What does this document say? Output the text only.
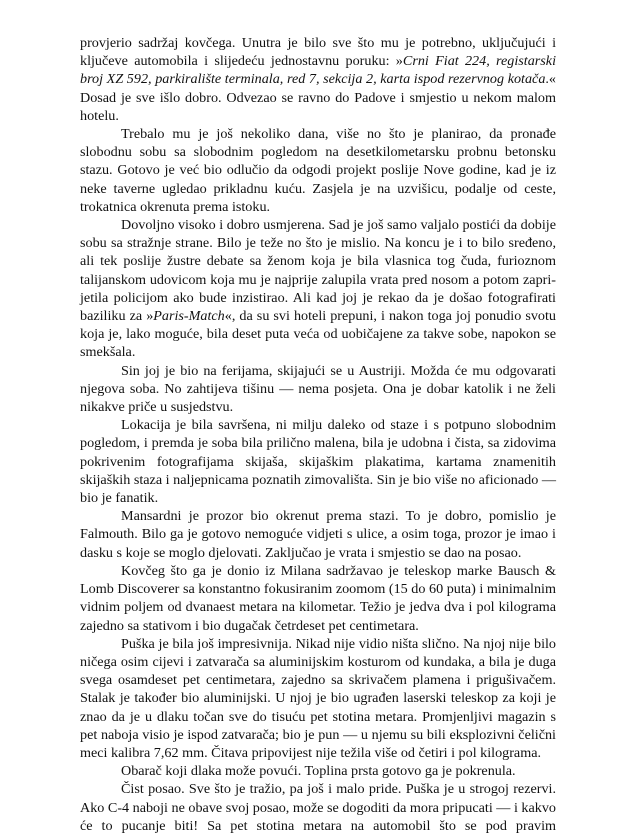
provjerio sadržaj kovčega. Unutra je bilo sve što mu je potrebno, uključujući i ključeve automobila i slijedeću jednostavnu poruku: »Crni Fiat 224, registarski broj XZ 592, parkiralište terminala, red 7, sekcija 2, karta ispod rezervnog kotača.« Dosad je sve išlo dobro. Odvezao se ravno do Padove i smjestio u nekom malom hotelu.

Trebalo mu je još nekoliko dana, više no što je planirao, da pronađe slobodnu sobu sa slobodnim pogledom na desetkilometarsku probnu betonsku stazu. Gotovo je već bio odlučio da odgodi projekt poslije Nove godine, kad je iz neke taverne ugledao prikladnu kuću. Zasjela je na uzvišicu, podalje od ceste, trokatnica okrenuta prema istoku.

Dovoljno visoko i dobro usmjerena. Sad je još samo valjalo postići da dobije sobu sa stražnje strane. Bilo je teže no što je mislio. Na koncu je i to bilo sređeno, ali tek poslije žustre debate sa ženom koja je bila vlasnica tog čuda, furioznom talijanskom udovicom koja mu je najprije zalupila vrata pred nosom a potom zaprijetila policijom ako bude inzistirao. Ali kad joj je rekao da je došao fotografirati baziliku za »Paris-Match«, da su svi hoteli prepuni, i nakon toga joj ponudio svotu koja je, lako moguće, bila deset puta veća od uobičajene za takve sobe, napokon se smekšala.

Sin joj je bio na ferijama, skijajući se u Austriji. Možda će mu odgovarati njegova soba. No zahtijeva tišinu — nema posjeta. Ona je dobar katolik i ne želi nikakve priče u susjedstvu.

Lokacija je bila savršena, ni milju daleko od staze i s potpuno slobodnim pogledom, i premda je soba bila prilično malena, bila je udobna i čista, sa zidovima pokrivenim fotografijama skijaša, skijaškim plakatima, kartama znamenitih skijaških staza i naljepnicama poznatih zimovališta. Sin je bio više no aficionado — bio je fanatik.

Mansardni je prozor bio okrenut prema stazi. To je dobro, pomislio je Falmouth. Bilo ga je gotovo nemoguće vidjeti s ulice, a osim toga, prozor je imao i dasku s koje se moglo djelovati. Zaključao je vrata i smjestio se dao na posao.

Kovčeg što ga je donio iz Milana sadržavao je teleskop marke Bausch & Lomb Discoverer sa konstantno fokusiranim zoomom (15 do 60 puta) i minimalnim vidnim poljem od dvanaest metara na kilometar. Težio je jedva dva i pol kilograma zajedno sa stativom i bio dugačak četrdeset pet centimetara.

Puška je bila još impresivnija. Nikad nije vidio ništa slično. Na njoj nije bilo ničega osim cijevi i zatvarača sa aluminijskim kosturom od kundaka, a bila je duga svega osamdeset pet centimetara, zajedno sa skrivačem plamena i prigušivačem. Stalak je također bio aluminijski. U njoj je bio ugrađen laserski teleskop za koji je znao da je u dlaku točan sve do tisuću pet stotina metara. Promjenljivi magazin s pet naboja visio je ispod zatvarača; bio je pun — u njemu su bili eksplozivni čelični meci kalibra 7,62 mm. Čitava pripovijest nije težila više od četiri i pol kilograma.

Obarač koji dlaka može povući. Toplina prsta gotovo ga je pokrenula.

Čist posao. Sve što je tražio, pa još i malo pride. Puška je u strogoj rezervi. Ako C-4 naboji ne obave svoj posao, može se dogoditi da mora pripucati — i kakvo će to pucanje biti! Sa pet stotina metara na automobil što se pod pravim
